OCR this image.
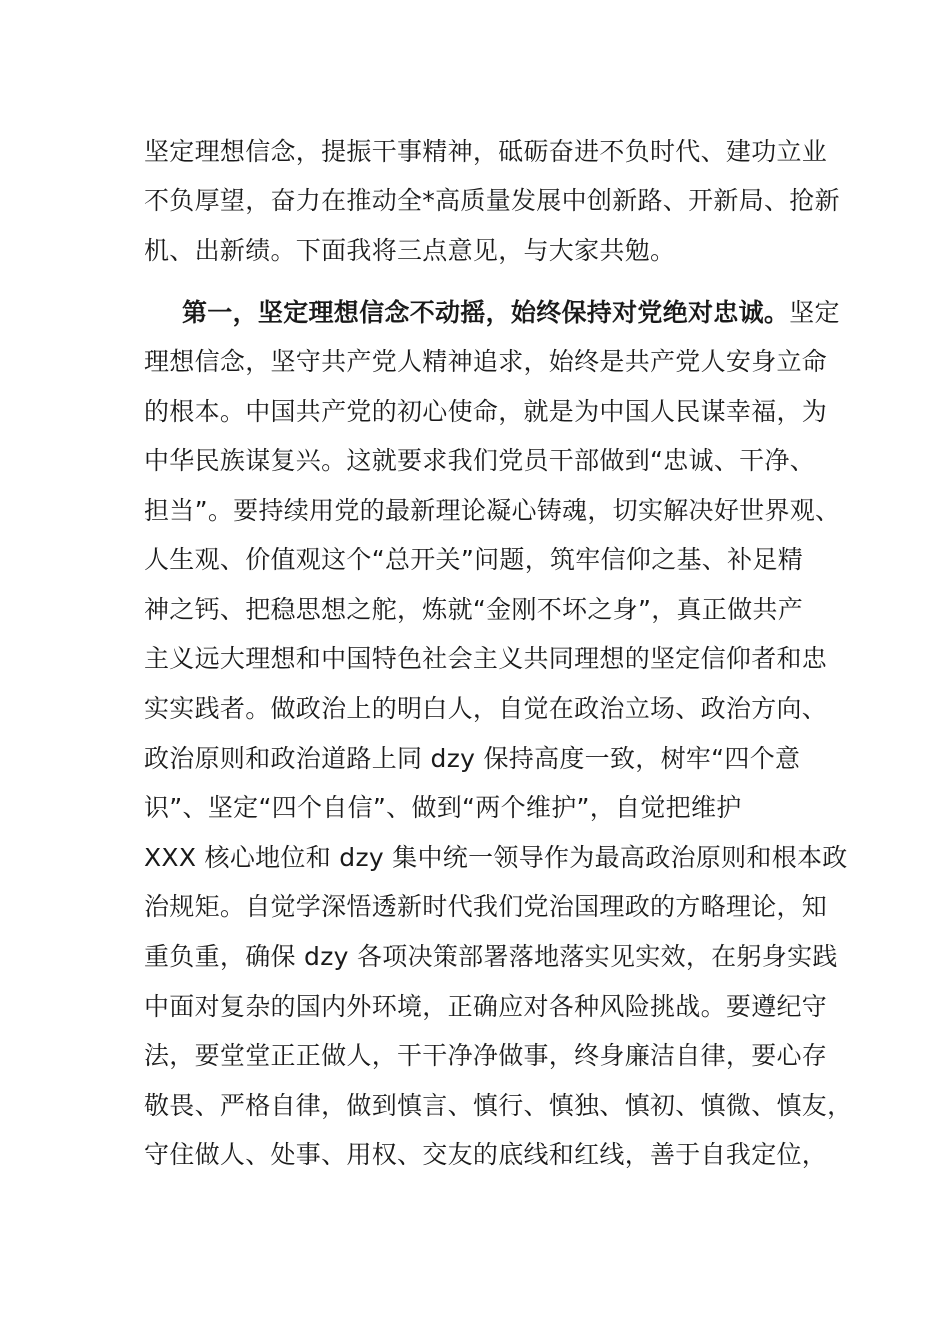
坚定理想信念，提振干事精神，砥砺奋进不负时代、建功立业
不负厚望，奋力在推动全*高质量发展中创新路、开新局、抢新
机、出新绩。下面我将三点意见，与大家共勉。
第一，坚定理想信念不动摇，始终保持对党绝对忠诚。坚定
理想信念，坚守共产党人精神追求，始终是共产党人安身立命
的根本。中国共产党的初心使命，就是为中国人民谋幸福，为
中华民族谋复兴。这就要求我们党员干部做到“忠诚、干净、
担当”。要持续用党的最新理论凝心铸魂，切实解决好世界观、
人生观、价值观这个“总开关”问题，筑牢信仰之基、补足精
神之钙、把稳思想之舵，炼就“金刚不坏之身”，真正做共产
主义远大理想和中国特色社会主义共同理想的坚定信仰者和忠
实实践者。做政治上的明白人，自觉在政治立场、政治方向、
政治原则和政治道路上同 dzy 保持高度一致，树牢“四个意
识”、坚定“四个自信”、做到“两个维护”，自觉把维护
XXX 核心地位和 dzy 集中统一领导作为最高政治原则和根本政
治规矩。自觉学深悟透新时代我们党治国理政的方略理论，知
重负重，确保 dzy 各项决策部署落地落实见实效，在躬身实践
中面对复杂的国内外环境，正确应对各种风险挑战。要遵纪守
法，要堂堂正正做人，干干净净做事，终身廉洁自律，要心存
敬畏、严格自律，做到慎言、慎行、慎独、慎初、慎微、慎友，
守住做人、处事、用权、交友的底线和红线，善于自我定位，
